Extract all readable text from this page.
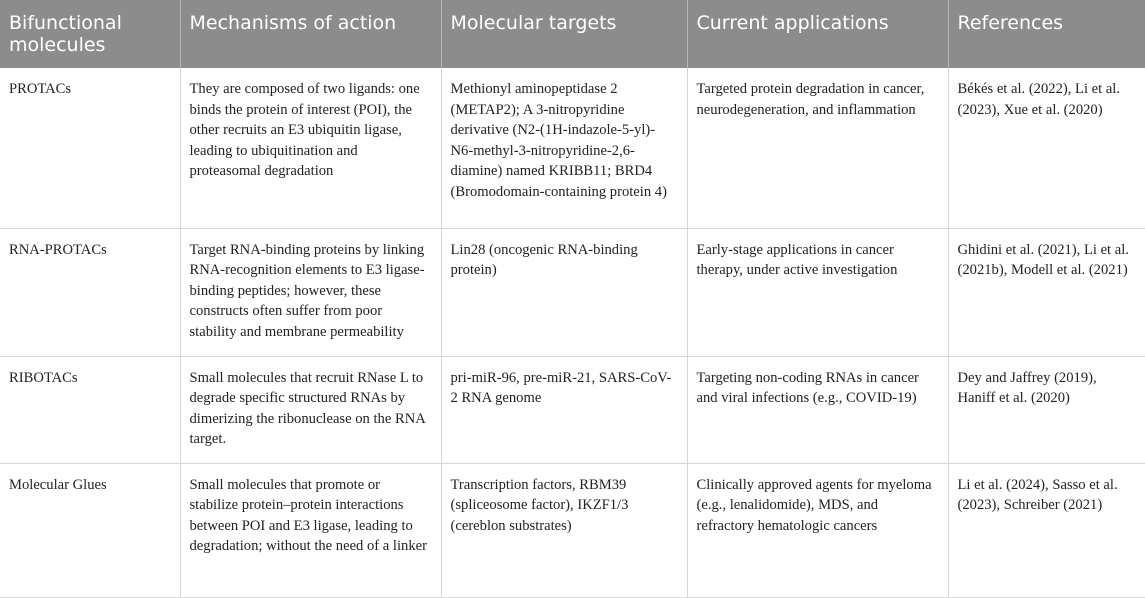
Bifunctional molecules	Mechanisms of action	Molecular targets	Current applications	References
PROTACs	They are composed of two ligands: one binds the protein of interest (POI), the other recruits an E3 ubiquitin ligase, leading to ubiquitination and proteasomal degradation	Methionyl aminopeptidase 2 (METAP2); A 3-nitropyridine derivative (N2-(1H-indazole-5-yl)-N6-methyl-3-nitropyridine-2,6-diamine) named KRIBB11; BRD4 (Bromodomain-containing protein 4)	Targeted protein degradation in cancer, neurodegeneration, and inflammation	Békés et al. (2022), Li et al. (2023), Xue et al. (2020)
RNA-PROTACs	Target RNA-binding proteins by linking RNA-recognition elements to E3 ligase-binding peptides; however, these constructs often suffer from poor stability and membrane permeability	Lin28 (oncogenic RNA-binding protein)	Early-stage applications in cancer therapy, under active investigation	Ghidini et al. (2021), Li et al. (2021b), Modell et al. (2021)
RIBOTACs	Small molecules that recruit RNase L to degrade specific structured RNAs by dimerizing the ribonuclease on the RNA target.	pri-miR-96, pre-miR-21, SARS-CoV-2 RNA genome	Targeting non-coding RNAs in cancer and viral infections (e.g., COVID-19)	Dey and Jaffrey (2019), Haniff et al. (2020)
Molecular Glues	Small molecules that promote or stabilize protein–protein interactions between POI and E3 ligase, leading to degradation; without the need of a linker	Transcription factors, RBM39 (spliceosome factor), IKZF1/3 (cereblon substrates)	Clinically approved agents for myeloma (e.g., lenalidomide), MDS, and refractory hematologic cancers	Li et al. (2024), Sasso et al. (2023), Schreiber (2021)
